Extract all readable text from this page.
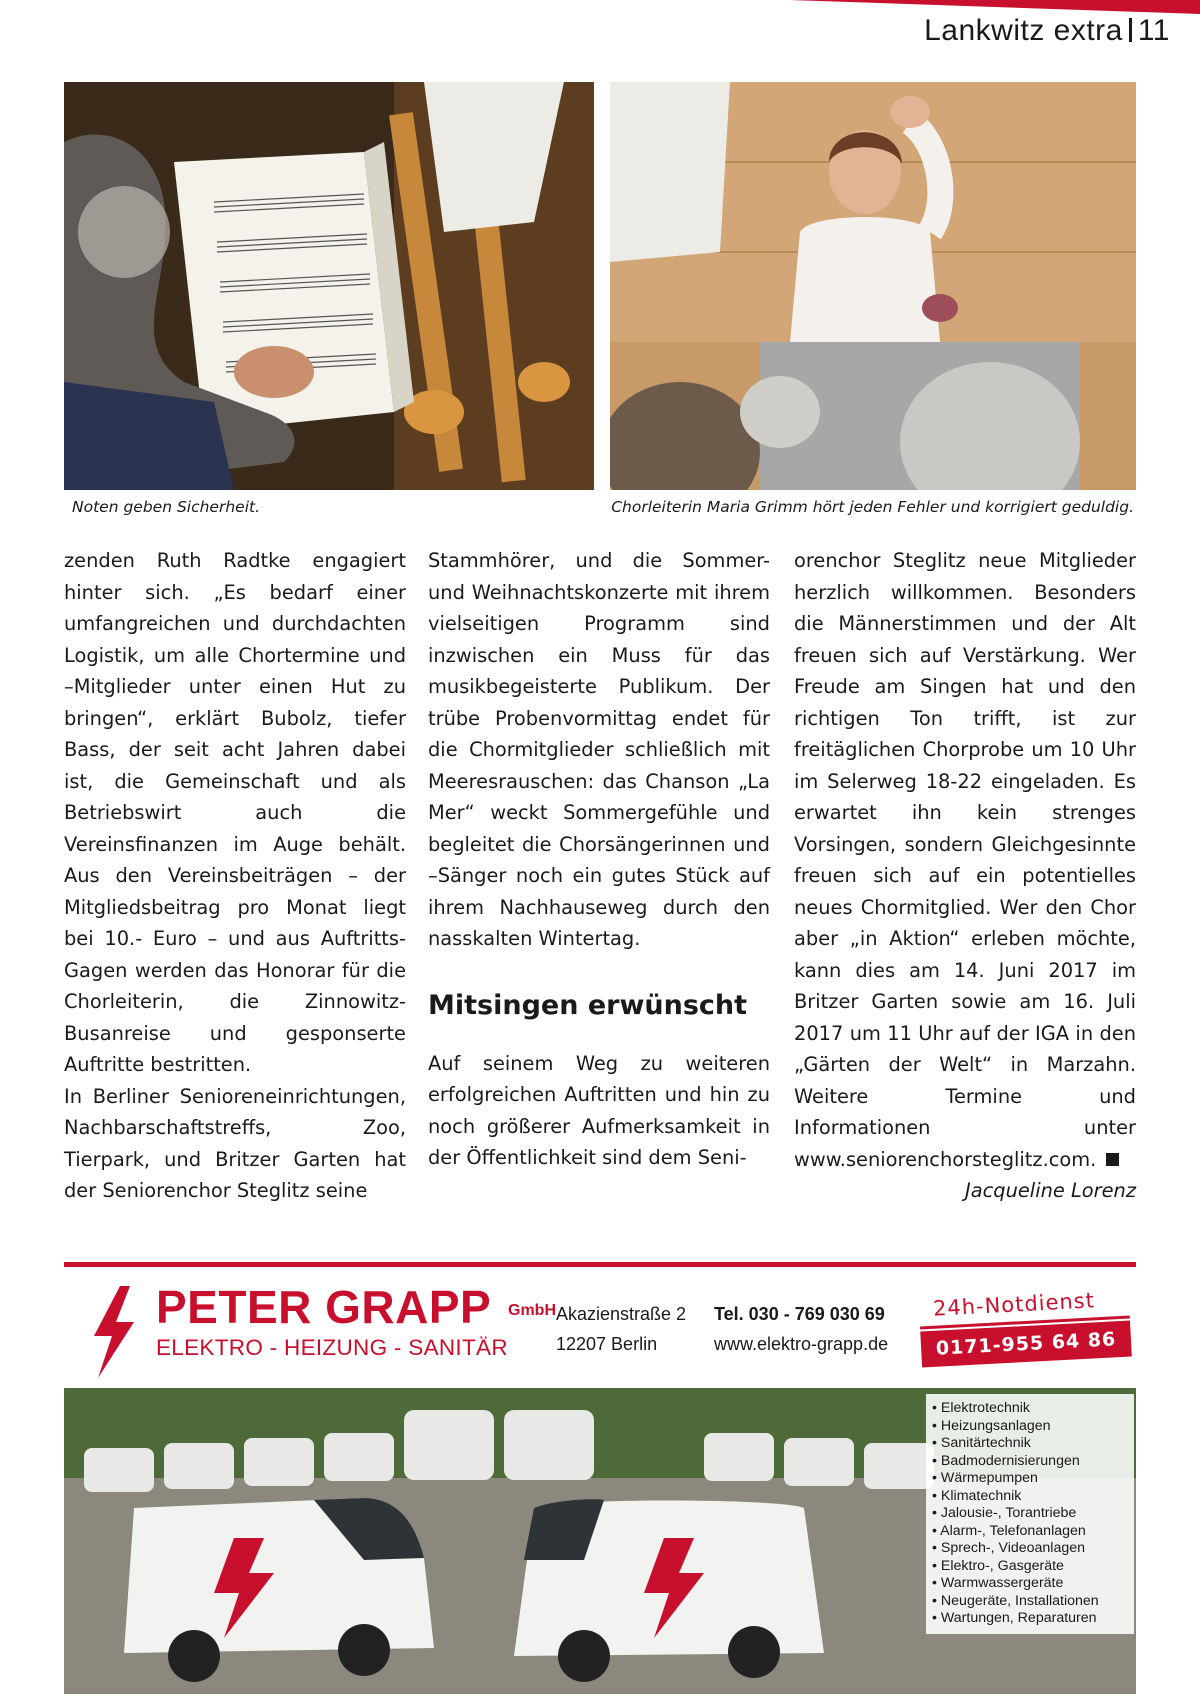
Lankwitz extra 11
Noten geben Sicherheit.	Chorleiterin Maria Grimm hört jeden Fehler und korrigiert geduldig.

zenden Ruth Radtke engagiert hinter sich. „Es bedarf einer umfangreichen und durchdachten Logistik, um alle Chortermine und –Mitglieder unter einen Hut zu bringen“, erklärt Bubolz, tiefer Bass, der seit acht Jahren dabei ist, die Gemeinschaft und als Betriebswirt auch die Vereinsfinanzen im Auge behält. Aus den Vereinsbeiträgen – der Mitgliedsbeitrag pro Monat liegt bei 10.- Euro – und aus Auftritts-Gagen werden das Honorar für die Chorleiterin, die Zinnowitz-Busanreise und gesponserte Auftritte bestritten.

In Berliner Senioreneinrichtungen, Nachbarschaftstreffs, Zoo, Tierpark, und Britzer Garten hat der Seniorenchor Steglitz seine

Stammhörer, und die Sommer- und Weihnachtskonzerte mit ihrem vielseitigen Programm sind inzwischen ein Muss für das musikbegeisterte Publikum. Der trübe Probenvormittag endet für die Chormitglieder schließlich mit Meeresrauschen: das Chanson „La Mer“ weckt Sommergefühle und begleitet die Chorsängerinnen und –Sänger noch ein gutes Stück auf ihrem Nachhauseweg durch den nasskalten Wintertag.

Mitsingen erwünscht

Auf seinem Weg zu weiteren erfolgreichen Auftritten und hin zu noch größerer Aufmerksamkeit in der Öffentlichkeit sind dem Seni-

orenchor Steglitz neue Mitglieder herzlich willkommen. Besonders die Männerstimmen und der Alt freuen sich auf Verstärkung. Wer Freude am Singen hat und den richtigen Ton trifft, ist zur freitäglichen Chorprobe um 10 Uhr im Selerweg 18-22 eingeladen. Es erwartet ihn kein strenges Vorsingen, sondern Gleichgesinnte freuen sich auf ein potentielles neues Chormitglied. Wer den Chor aber „in Aktion“ erleben möchte, kann dies am 14. Juni 2017 im Britzer Garten sowie am 16. Juli 2017 um 11 Uhr auf der IGA in den „Gärten der Welt“ in Marzahn. Weitere Termine und Informationen unter www.seniorenchorsteglitz.com.

Jacqueline Lorenz

PETER GRAPP GmbH
ELEKTRO - HEIZUNG - SANITÄR
Akazienstraße 2
12207 Berlin
Tel. 030 - 769 030 69
www.elektro-grapp.de
24h-Notdienst
0171-955 64 86
• Elektrotechnik
• Heizungsanlagen
• Sanitärtechnik
• Badmodernisierungen
• Wärmepumpen
• Klimatechnik
• Jalousie-, Torantriebe
• Alarm-, Telefonanlagen
• Sprech-, Videoanlagen
• Elektro-, Gasgeräte
• Warmwassergeräte
• Neugeräte, Installationen
• Wartungen, Reparaturen
